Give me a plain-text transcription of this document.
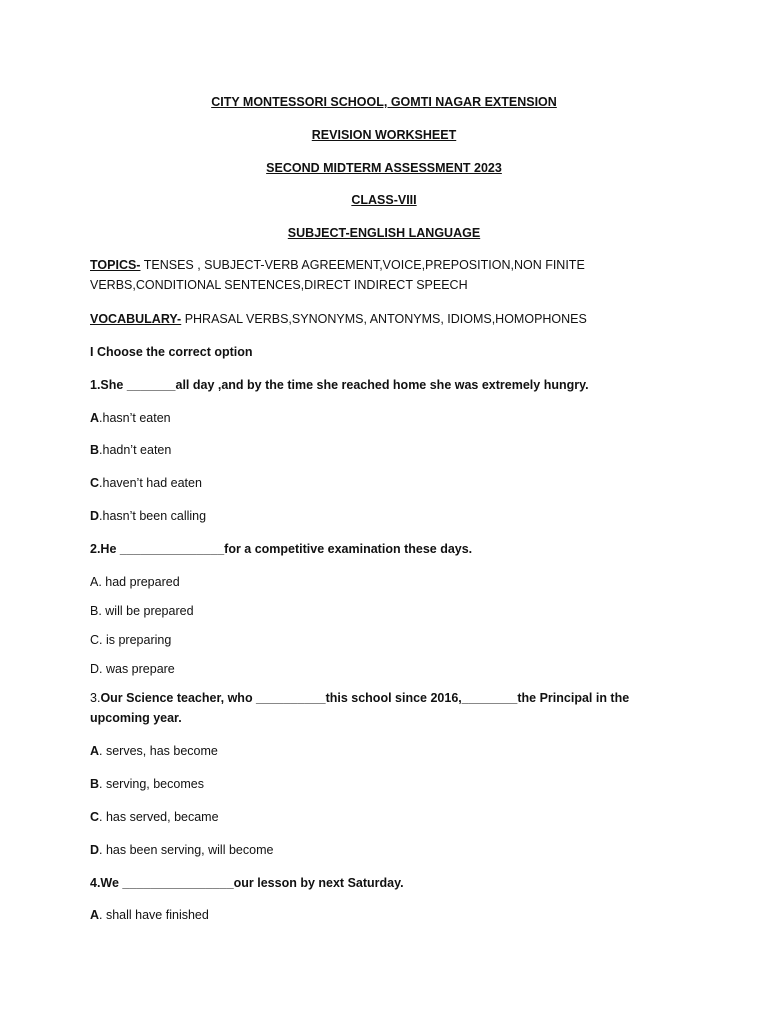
CITY MONTESSORI SCHOOL, GOMTI NAGAR EXTENSION
REVISION WORKSHEET
SECOND MIDTERM ASSESSMENT 2023
CLASS-VIII
SUBJECT-ENGLISH LANGUAGE
TOPICS- TENSES , SUBJECT-VERB AGREEMENT,VOICE,PREPOSITION,NON FINITE VERBS,CONDITIONAL SENTENCES,DIRECT INDIRECT SPEECH
VOCABULARY- PHRASAL VERBS,SYNONYMS, ANTONYMS, IDIOMS,HOMOPHONES
I Choose the correct option
1.She _______all day ,and by the time she reached home she was extremely hungry.
A.hasn’t eaten
B.hadn’t eaten
C.haven’t had eaten
D.hasn’t been calling
2.He _______________for a competitive examination these days.
A. had prepared
B. will be prepared
C. is preparing
D. was prepare
3.Our Science teacher, who __________this school since 2016,________the Principal in the upcoming year.
A. serves, has become
B. serving, becomes
C. has served, became
D. has been serving, will become
4.We ________________our lesson by next Saturday.
A. shall have finished
